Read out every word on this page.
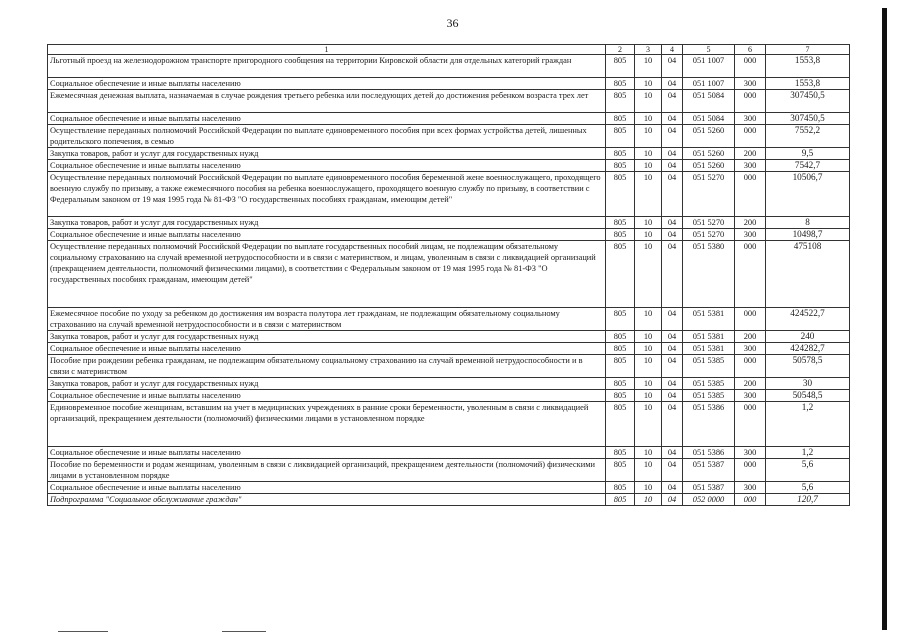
36
1	2	3	4	5	6	7
Льготный проезд на железнодорожном транспорте пригородного сообщения на территории Кировской области для отдельных категорий граждан	805	10	04	051 1007	000	1553,8
Социальное обеспечение и иные выплаты населению	805	10	04	051 1007	300	1553,8
Ежемесячная денежная выплата, назначаемая в случае рождения третьего ребенка или последующих детей до достижения ребенком возраста трех лет	805	10	04	051 5084	000	307450,5
Социальное обеспечение и иные выплаты населению	805	10	04	051 5084	300	307450,5
Осуществление переданных полномочий Российской Федерации по выплате единовременного пособия при всех формах устройства детей, лишенных родительского попечения, в семью	805	10	04	051 5260	000	7552,2
Закупка товаров, работ и услуг для государственных нужд	805	10	04	051 5260	200	9,5
Социальное обеспечение и иные выплаты населению	805	10	04	051 5260	300	7542,7
Осуществление переданных полномочий Российской Федерации по выплате единовременного пособия беременной жене военнослужащего, проходящего военную службу по призыву, а также ежемесячного пособия на ребенка военнослужащего, проходящего военную службу по призыву, в соответствии с Федеральным законом от 19 мая 1995 года № 81-ФЗ "О государственных пособиях гражданам, имеющим детей"	805	10	04	051 5270	000	10506,7
Закупка товаров, работ и услуг для государственных нужд	805	10	04	051 5270	200	8
Социальное обеспечение и иные выплаты населению	805	10	04	051 5270	300	10498,7
Осуществление переданных полномочий Российской Федерации по выплате государственных пособий лицам, не подлежащим обязательному социальному страхованию на случай временной нетрудоспособности и в связи с материнством, и лицам, уволенным в связи с ликвидацией организаций (прекращением деятельности, полномочий физическими лицами), в соответствии с Федеральным законом от 19 мая 1995 года № 81-ФЗ "О государственных пособиях гражданам, имеющим детей"	805	10	04	051 5380	000	475108
Ежемесячное пособие по уходу за ребенком до достижения им возраста полутора лет гражданам, не подлежащим обязательному социальному страхованию на случай временной нетрудоспособности и в связи с материнством	805	10	04	051 5381	000	424522,7
Закупка товаров, работ и услуг для государственных нужд	805	10	04	051 5381	200	240
Социальное обеспечение и иные выплаты населению	805	10	04	051 5381	300	424282,7
Пособие при рождении ребенка гражданам, не подлежащим обязательному социальному страхованию на случай временной нетрудоспособности и в связи с материнством	805	10	04	051 5385	000	50578,5
Закупка товаров, работ и услуг для государственных нужд	805	10	04	051 5385	200	30
Социальное обеспечение и иные выплаты населению	805	10	04	051 5385	300	50548,5
Единовременное пособие женщинам, вставшим на учет в медицинских учреждениях в ранние сроки беременности, уволенным в связи с ликвидацией организаций, прекращением деятельности (полномочий) физическими лицами в установленном порядке	805	10	04	051 5386	000	1,2
Социальное обеспечение и иные выплаты населению	805	10	04	051 5386	300	1,2
Пособие по беременности и родам женщинам, уволенным в связи с ликвидацией организаций, прекращением деятельности (полномочий) физическими лицами в установленном порядке	805	10	04	051 5387	000	5,6
Социальное обеспечение и иные выплаты населению	805	10	04	051 5387	300	5,6
Подпрограмма "Социальное обслуживание граждан"	805	10	04	052 0000	000	120,7
